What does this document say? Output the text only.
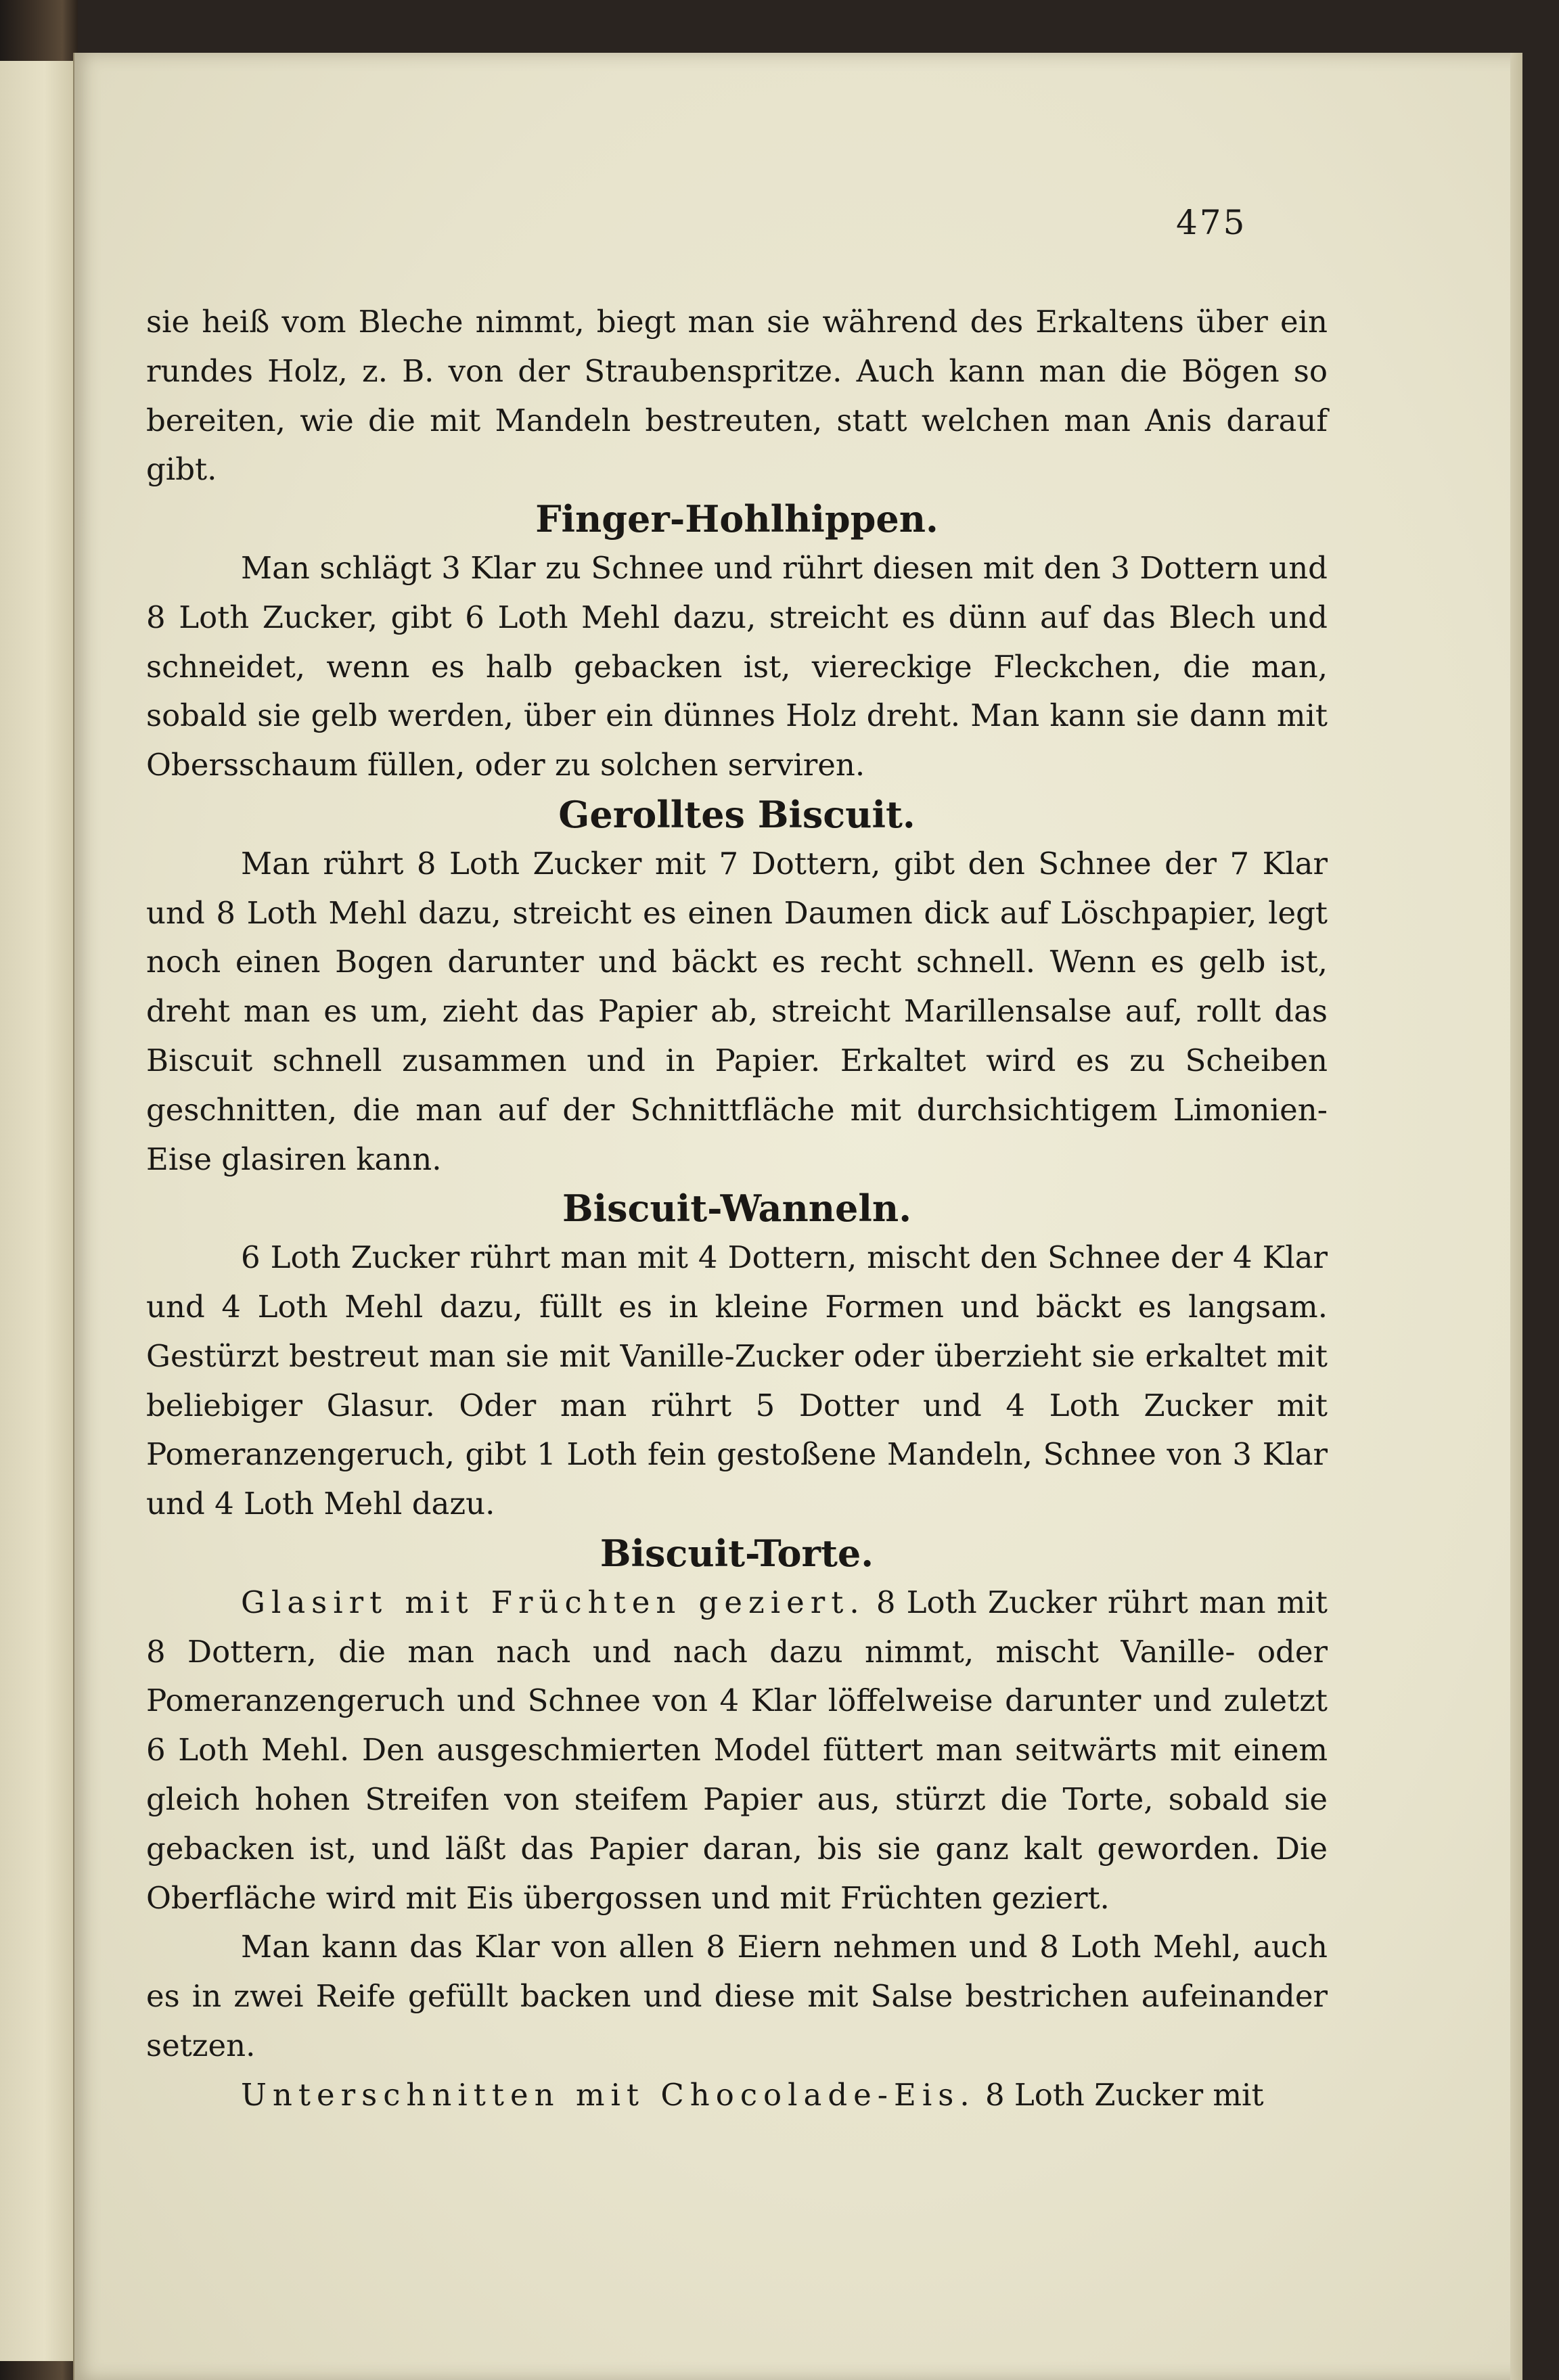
475

sie heiß vom Bleche nimmt, biegt man sie während des Erkaltens über ein rundes Holz, z. B. von der Straubenspritze. Auch kann man die Bögen so bereiten, wie die mit Mandeln bestreuten, statt welchen man Anis darauf gibt.

Finger-Hohlhippen.

Man schlägt 3 Klar zu Schnee und rührt diesen mit den 3 Dottern und 8 Loth Zucker, gibt 6 Loth Mehl dazu, streicht es dünn auf das Blech und schneidet, wenn es halb gebacken ist, viereckige Fleckchen, die man, sobald sie gelb werden, über ein dünnes Holz dreht. Man kann sie dann mit Obersschaum füllen, oder zu solchen serviren.

Gerolltes Biscuit.

Man rührt 8 Loth Zucker mit 7 Dottern, gibt den Schnee der 7 Klar und 8 Loth Mehl dazu, streicht es einen Daumen dick auf Löschpapier, legt noch einen Bogen darunter und bäckt es recht schnell. Wenn es gelb ist, dreht man es um, zieht das Papier ab, streicht Marillensalse auf, rollt das Biscuit schnell zusammen und in Papier. Erkaltet wird es zu Scheiben geschnitten, die man auf der Schnittfläche mit durchsichtigem Limonien-Eise glasiren kann.

Biscuit-Wanneln.

6 Loth Zucker rührt man mit 4 Dottern, mischt den Schnee der 4 Klar und 4 Loth Mehl dazu, füllt es in kleine Formen und bäckt es langsam. Gestürzt bestreut man sie mit Vanille-Zucker oder überzieht sie erkaltet mit beliebiger Glasur. Oder man rührt 5 Dotter und 4 Loth Zucker mit Pomeranzengeruch, gibt 1 Loth fein gestoßene Mandeln, Schnee von 3 Klar und 4 Loth Mehl dazu.

Biscuit-Torte.

Glasirt mit Früchten geziert. 8 Loth Zucker rührt man mit 8 Dottern, die man nach und nach dazu nimmt, mischt Vanille- oder Pomeranzengeruch und Schnee von 4 Klar löffelweise darunter und zuletzt 6 Loth Mehl. Den ausgeschmierten Model füttert man seitwärts mit einem gleich hohen Streifen von steifem Papier aus, stürzt die Torte, sobald sie gebacken ist, und läßt das Papier daran, bis sie ganz kalt geworden. Die Oberfläche wird mit Eis übergossen und mit Früchten geziert.

Man kann das Klar von allen 8 Eiern nehmen und 8 Loth Mehl, auch es in zwei Reife gefüllt backen und diese mit Salse bestrichen aufeinander setzen.

Unterschnitten mit Chocolade-Eis. 8 Loth Zucker mit
